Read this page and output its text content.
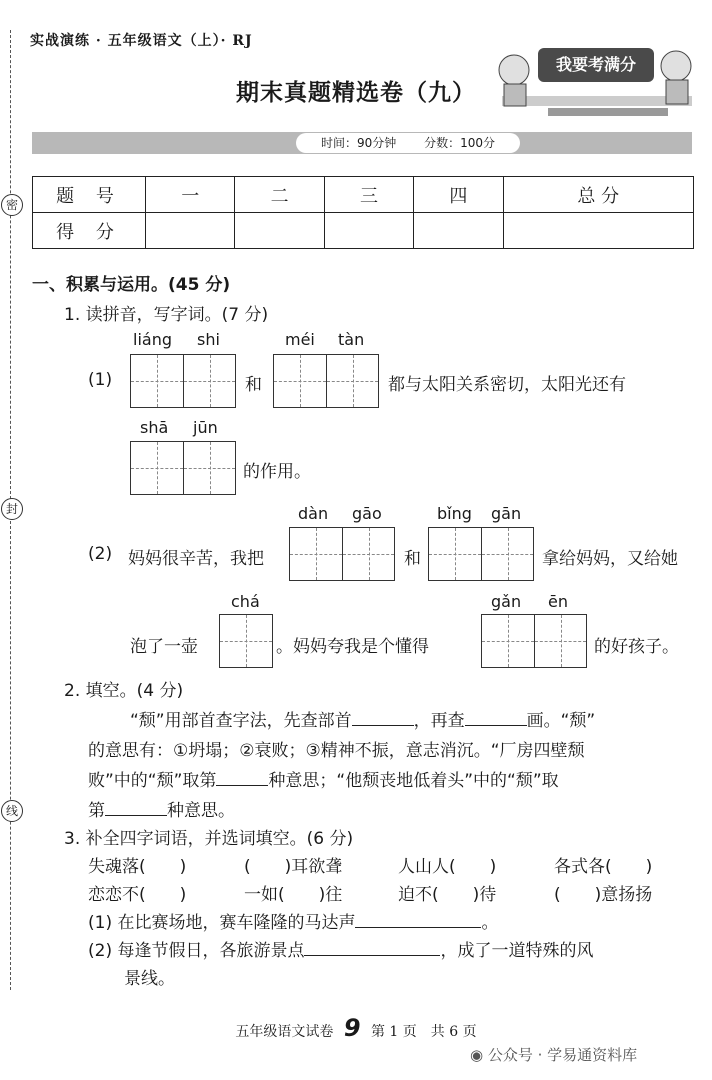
密
封
线
实战演练 · 五年级语文（上）· RJ
期末真题精选卷（九）
我要考满分
时间：90分钟 分数：100分
题 号	一	二	三	四	总 分
得 分					
一、积累与运用。(45 分)
1. 读拼音，写字词。(7 分)
liáng shi	méi tàn
(1)	和	都与太阳关系密切，太阳光还有
shā jūn
的作用。
dàn gāo	bǐng gān
(2) 妈妈很辛苦，我把	和	拿给妈妈，又给她
chá	gǎn ēn
泡了一壶	。妈妈夸我是个懂得	的好孩子。
2. 填空。(4 分)
“颓”用部首查字法，先查部首	，再查	画。“颓”
的意思有：①坍塌；②衰败；③精神不振，意志消沉。“厂房四壁颓
败”中的“颓”取第	种意思；“他颓丧地低着头”中的“颓”取
第	种意思。
3. 补全四字词语，并选词填空。(6 分)
失魂落(　　)	(　　)耳欲聋	人山人(　　)	各式各(　　)
恋恋不(　　)	一如(　　)往	迫不(　　)待	(　　)意扬扬
(1) 在比赛场地，赛车隆隆的马达声	。
(2) 每逢节假日，各旅游景点	，成了一道特殊的风
景线。
五年级语文试卷 9 第 1 页　共 6 页
◉ 公众号 · 学易通资料库
